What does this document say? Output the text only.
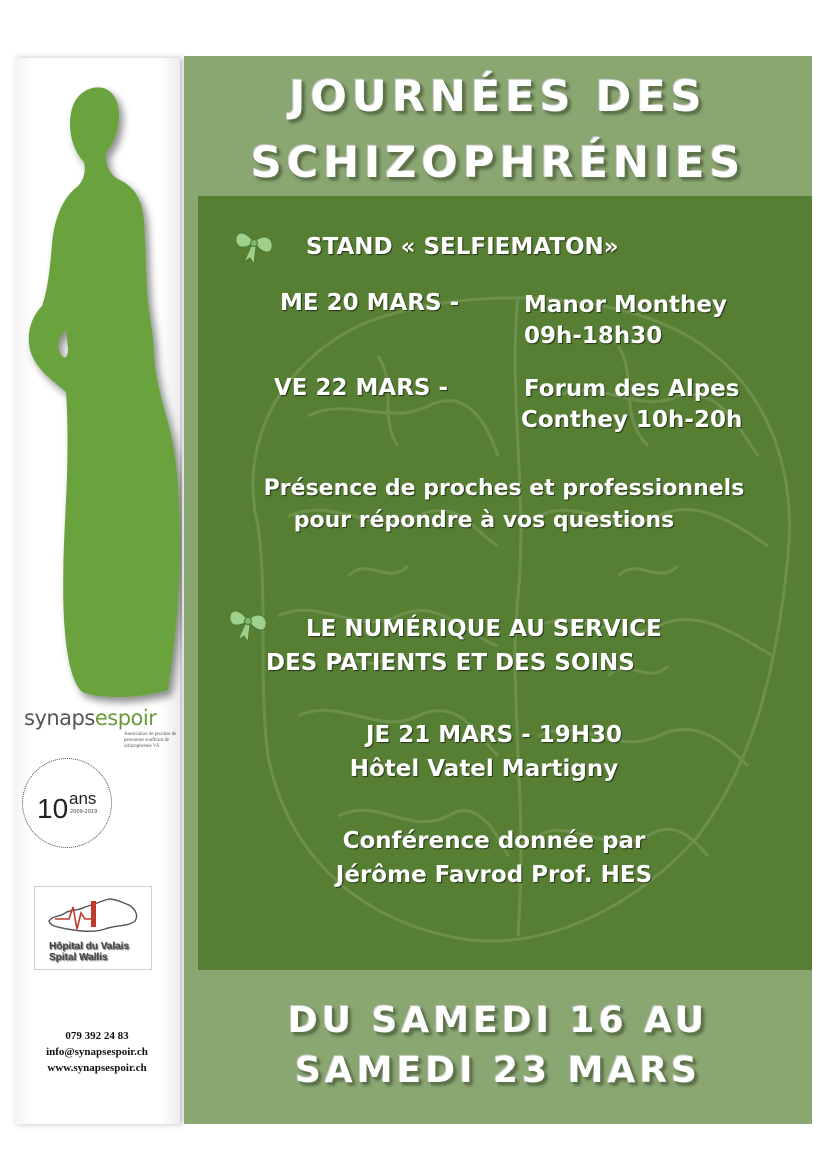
synapsespoir
Association de proches de personnes souffrant de schizophrénie VS
10 ans
2009-2019
Hôpital du Valais
Spital Wallis
079 392 24 83
info@synapsespoir.ch
www.synapsespoir.ch
JOURNÉES DES
SCHIZOPHRÉNIES
STAND « SELFIEMATON»
ME 20 MARS -	Manor Monthey
09h-18h30
VE 22 MARS -	Forum des Alpes
Conthey 10h-20h
Présence de proches et professionnels
pour répondre à vos questions
LE NUMÉRIQUE AU SERVICE
DES PATIENTS ET DES SOINS
JE 21 MARS - 19H30
Hôtel Vatel Martigny
Conférence donnée par
Jérôme Favrod Prof. HES
DU SAMEDI 16 AU
SAMEDI 23 MARS
